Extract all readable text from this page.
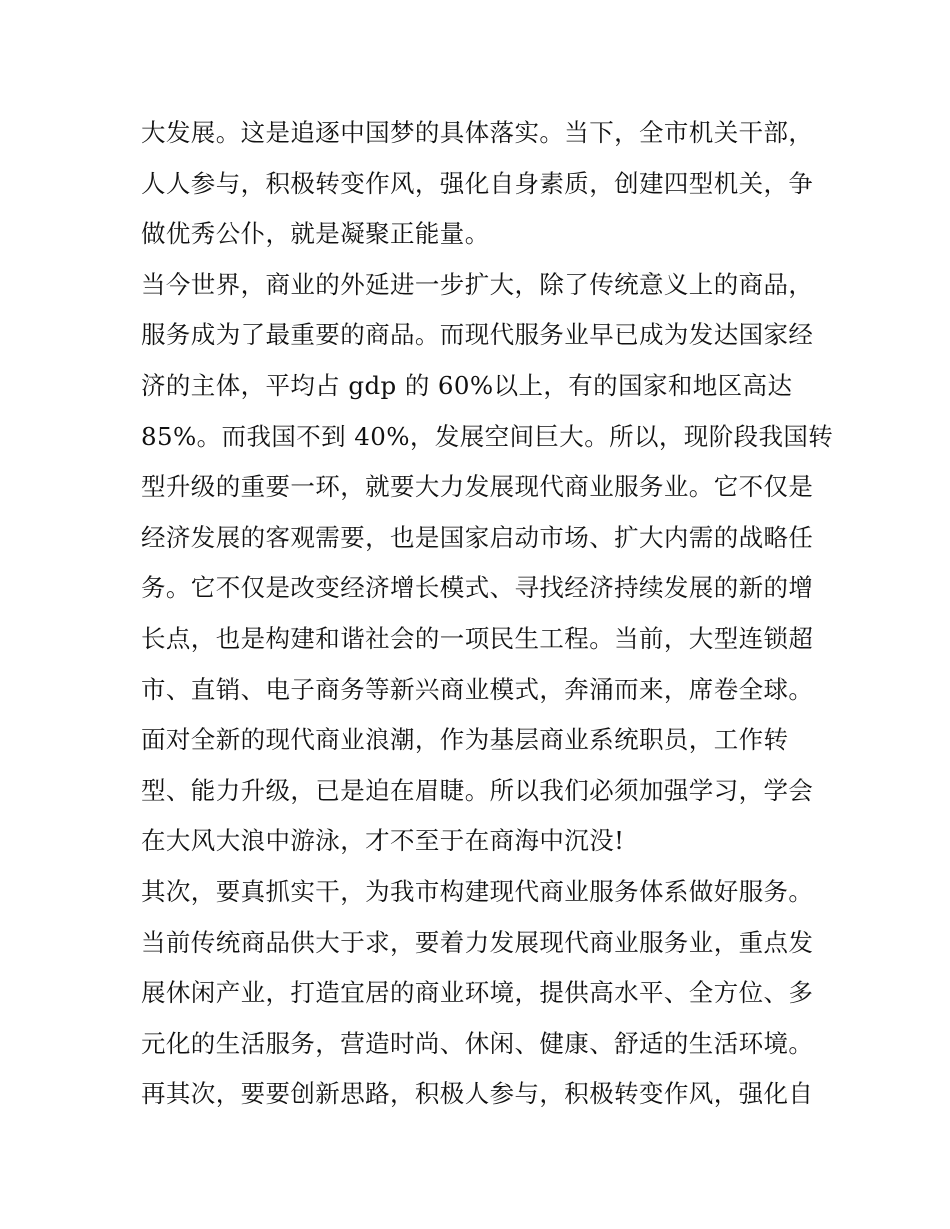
大发展。这是追逐中国梦的具体落实。当下，全市机关干部，
人人参与，积极转变作风，强化自身素质，创建四型机关，争
做优秀公仆，就是凝聚正能量。
当今世界，商业的外延进一步扩大，除了传统意义上的商品，
服务成为了最重要的商品。而现代服务业早已成为发达国家经
济的主体，平均占 gdp 的 60%以上，有的国家和地区高达
85%。而我国不到 40%，发展空间巨大。所以，现阶段我国转
型升级的重要一环，就要大力发展现代商业服务业。它不仅是
经济发展的客观需要，也是国家启动市场、扩大内需的战略任
务。它不仅是改变经济增长模式、寻找经济持续发展的新的增
长点，也是构建和谐社会的一项民生工程。当前，大型连锁超
市、直销、电子商务等新兴商业模式，奔涌而来，席卷全球。
面对全新的现代商业浪潮，作为基层商业系统职员，工作转
型、能力升级，已是迫在眉睫。所以我们必须加强学习，学会
在大风大浪中游泳，才不至于在商海中沉没!
其次，要真抓实干，为我市构建现代商业服务体系做好服务。
当前传统商品供大于求，要着力发展现代商业服务业，重点发
展休闲产业，打造宜居的商业环境，提供高水平、全方位、多
元化的生活服务，营造时尚、休闲、健康、舒适的生活环境。
再其次，要要创新思路，积极人参与，积极转变作风，强化自
